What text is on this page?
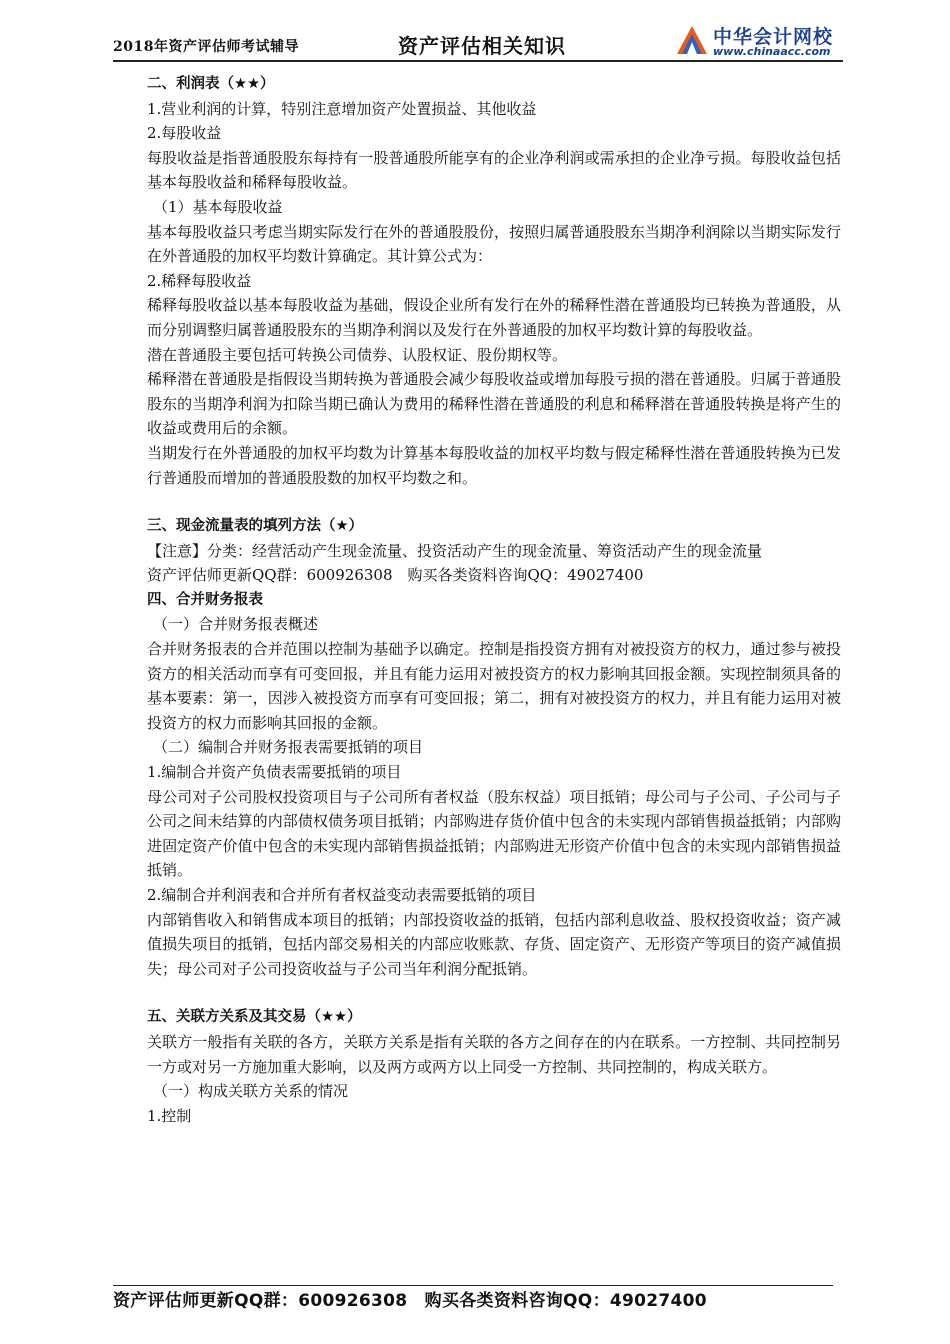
2018年资产评估师考试辅导	资产评估相关知识	中华会计网校
www.chinaacc.com

二、利润表（★★）

1.营业利润的计算，特别注意增加资产处置损益、其他收益

2.每股收益

每股收益是指普通股股东每持有一股普通股所能享有的企业净利润或需承担的企业净亏损。每股收益包括基本每股收益和稀释每股收益。

（1）基本每股收益

基本每股收益只考虑当期实际发行在外的普通股股份，按照归属普通股股东当期净利润除以当期实际发行在外普通股的加权平均数计算确定。其计算公式为：

2.稀释每股收益

稀释每股收益以基本每股收益为基础，假设企业所有发行在外的稀释性潜在普通股均已转换为普通股，从而分别调整归属普通股股东的当期净利润以及发行在外普通股的加权平均数计算的每股收益。

潜在普通股主要包括可转换公司债券、认股权证、股份期权等。

稀释潜在普通股是指假设当期转换为普通股会减少每股收益或增加每股亏损的潜在普通股。归属于普通股股东的当期净利润为扣除当期已确认为费用的稀释性潜在普通股的利息和稀释潜在普通股转换是将产生的收益或费用后的余额。

当期发行在外普通股的加权平均数为计算基本每股收益的加权平均数与假定稀释性潜在普通股转换为已发行普通股而增加的普通股股数的加权平均数之和。

三、现金流量表的填列方法（★）

【注意】分类：经营活动产生现金流量、投资活动产生的现金流量、筹资活动产生的现金流量

资产评估师更新QQ群：600926308　购买各类资料咨询QQ：49027400

四、合并财务报表

（一）合并财务报表概述

合并财务报表的合并范围以控制为基础予以确定。控制是指投资方拥有对被投资方的权力，通过参与被投资方的相关活动而享有可变回报，并且有能力运用对被投资方的权力影响其回报金额。实现控制须具备的基本要素：第一，因涉入被投资方而享有可变回报；第二，拥有对被投资方的权力，并且有能力运用对被投资方的权力而影响其回报的金额。

（二）编制合并财务报表需要抵销的项目

1.编制合并资产负债表需要抵销的项目

母公司对子公司股权投资项目与子公司所有者权益（股东权益）项目抵销；母公司与子公司、子公司与子公司之间未结算的内部债权债务项目抵销；内部购进存货价值中包含的未实现内部销售损益抵销；内部购进固定资产价值中包含的未实现内部销售损益抵销；内部购进无形资产价值中包含的未实现内部销售损益抵销。

2.编制合并利润表和合并所有者权益变动表需要抵销的项目

内部销售收入和销售成本项目的抵销；内部投资收益的抵销，包括内部利息收益、股权投资收益；资产减值损失项目的抵销，包括内部交易相关的内部应收账款、存货、固定资产、无形资产等项目的资产减值损失；母公司对子公司投资收益与子公司当年利润分配抵销。

五、关联方关系及其交易（★★）

关联方一般指有关联的各方，关联方关系是指有关联的各方之间存在的内在联系。一方控制、共同控制另一方或对另一方施加重大影响，以及两方或两方以上同受一方控制、共同控制的，构成关联方。

（一）构成关联方关系的情况

1.控制

资产评估师更新QQ群：600926308　购买各类资料咨询QQ：49027400
